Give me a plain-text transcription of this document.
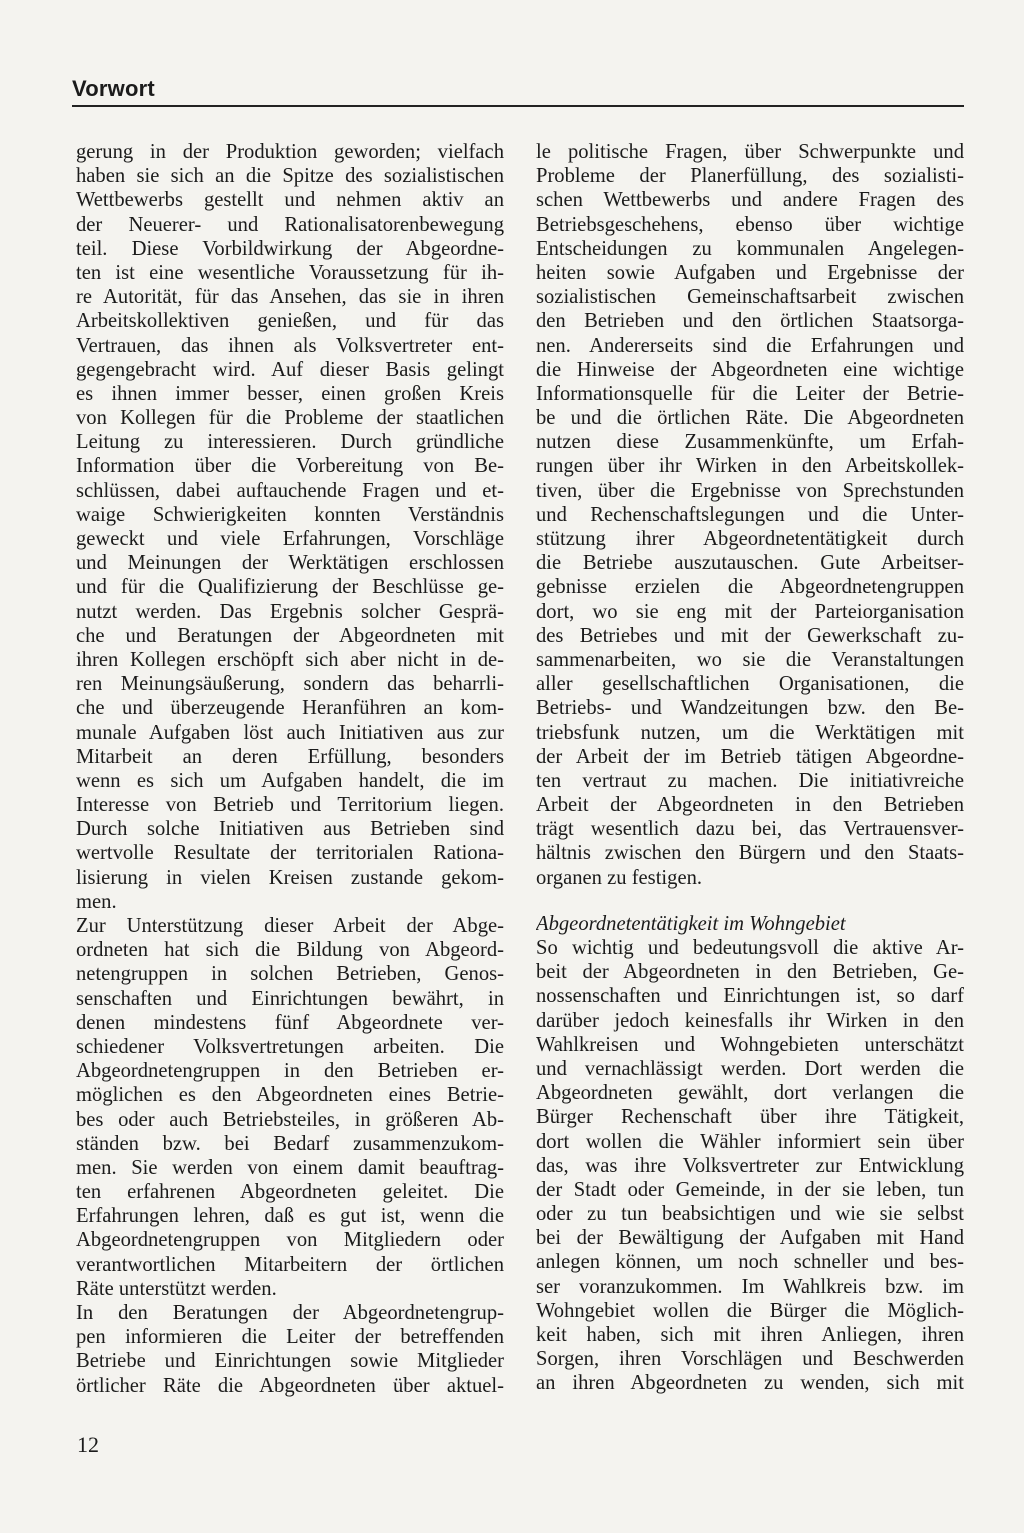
Vorwort
gerung in der Produktion geworden; vielfach
haben sie sich an die Spitze des sozialistischen
Wettbewerbs gestellt und nehmen aktiv an
der Neuerer- und Rationalisatorenbewegung
teil. Diese Vorbildwirkung der Abgeordne-
ten ist eine wesentliche Voraussetzung für ih-
re Autorität, für das Ansehen, das sie in ihren
Arbeitskollektiven genießen, und für das
Vertrauen, das ihnen als Volksvertreter ent-
gegengebracht wird. Auf dieser Basis gelingt
es ihnen immer besser, einen großen Kreis
von Kollegen für die Probleme der staatlichen
Leitung zu interessieren. Durch gründliche
Information über die Vorbereitung von Be-
schlüssen, dabei auftauchende Fragen und et-
waige Schwierigkeiten konnten Verständnis
geweckt und viele Erfahrungen, Vorschläge
und Meinungen der Werktätigen erschlossen
und für die Qualifizierung der Beschlüsse ge-
nutzt werden. Das Ergebnis solcher Gesprä-
che und Beratungen der Abgeordneten mit
ihren Kollegen erschöpft sich aber nicht in de-
ren Meinungsäußerung, sondern das beharrli-
che und überzeugende Heranführen an kom-
munale Aufgaben löst auch Initiativen aus zur
Mitarbeit an deren Erfüllung, besonders
wenn es sich um Aufgaben handelt, die im
Interesse von Betrieb und Territorium liegen.
Durch solche Initiativen aus Betrieben sind
wertvolle Resultate der territorialen Rationa-
lisierung in vielen Kreisen zustande gekom-
men.
Zur Unterstützung dieser Arbeit der Abge-
ordneten hat sich die Bildung von Abgeord-
netengruppen in solchen Betrieben, Genos-
senschaften und Einrichtungen bewährt, in
denen mindestens fünf Abgeordnete ver-
schiedener Volksvertretungen arbeiten. Die
Abgeordnetengruppen in den Betrieben er-
möglichen es den Abgeordneten eines Betrie-
bes oder auch Betriebsteiles, in größeren Ab-
ständen bzw. bei Bedarf zusammenzukom-
men. Sie werden von einem damit beauftrag-
ten erfahrenen Abgeordneten geleitet. Die
Erfahrungen lehren, daß es gut ist, wenn die
Abgeordnetengruppen von Mitgliedern oder
verantwortlichen Mitarbeitern der örtlichen
Räte unterstützt werden.
In den Beratungen der Abgeordnetengrup-
pen informieren die Leiter der betreffenden
Betriebe und Einrichtungen sowie Mitglieder
örtlicher Räte die Abgeordneten über aktuel-
le politische Fragen, über Schwerpunkte und
Probleme der Planerfüllung, des sozialisti-
schen Wettbewerbs und andere Fragen des
Betriebsgeschehens, ebenso über wichtige
Entscheidungen zu kommunalen Angelegen-
heiten sowie Aufgaben und Ergebnisse der
sozialistischen Gemeinschaftsarbeit zwischen
den Betrieben und den örtlichen Staatsorga-
nen. Andererseits sind die Erfahrungen und
die Hinweise der Abgeordneten eine wichtige
Informationsquelle für die Leiter der Betrie-
be und die örtlichen Räte. Die Abgeordneten
nutzen diese Zusammenkünfte, um Erfah-
rungen über ihr Wirken in den Arbeitskollek-
tiven, über die Ergebnisse von Sprechstunden
und Rechenschaftslegungen und die Unter-
stützung ihrer Abgeordnetentätigkeit durch
die Betriebe auszutauschen. Gute Arbeitser-
gebnisse erzielen die Abgeordnetengruppen
dort, wo sie eng mit der Parteiorganisation
des Betriebes und mit der Gewerkschaft zu-
sammenarbeiten, wo sie die Veranstaltungen
aller gesellschaftlichen Organisationen, die
Betriebs- und Wandzeitungen bzw. den Be-
triebsfunk nutzen, um die Werktätigen mit
der Arbeit der im Betrieb tätigen Abgeordne-
ten vertraut zu machen. Die initiativreiche
Arbeit der Abgeordneten in den Betrieben
trägt wesentlich dazu bei, das Vertrauensver-
hältnis zwischen den Bürgern und den Staats-
organen zu festigen.
Abgeordnetentätigkeit im Wohngebiet
So wichtig und bedeutungsvoll die aktive Ar-
beit der Abgeordneten in den Betrieben, Ge-
nossenschaften und Einrichtungen ist, so darf
darüber jedoch keinesfalls ihr Wirken in den
Wahlkreisen und Wohngebieten unterschätzt
und vernachlässigt werden. Dort werden die
Abgeordneten gewählt, dort verlangen die
Bürger Rechenschaft über ihre Tätigkeit,
dort wollen die Wähler informiert sein über
das, was ihre Volksvertreter zur Entwicklung
der Stadt oder Gemeinde, in der sie leben, tun
oder zu tun beabsichtigen und wie sie selbst
bei der Bewältigung der Aufgaben mit Hand
anlegen können, um noch schneller und bes-
ser voranzukommen. Im Wahlkreis bzw. im
Wohngebiet wollen die Bürger die Möglich-
keit haben, sich mit ihren Anliegen, ihren
Sorgen, ihren Vorschlägen und Beschwerden
an ihren Abgeordneten zu wenden, sich mit
12
